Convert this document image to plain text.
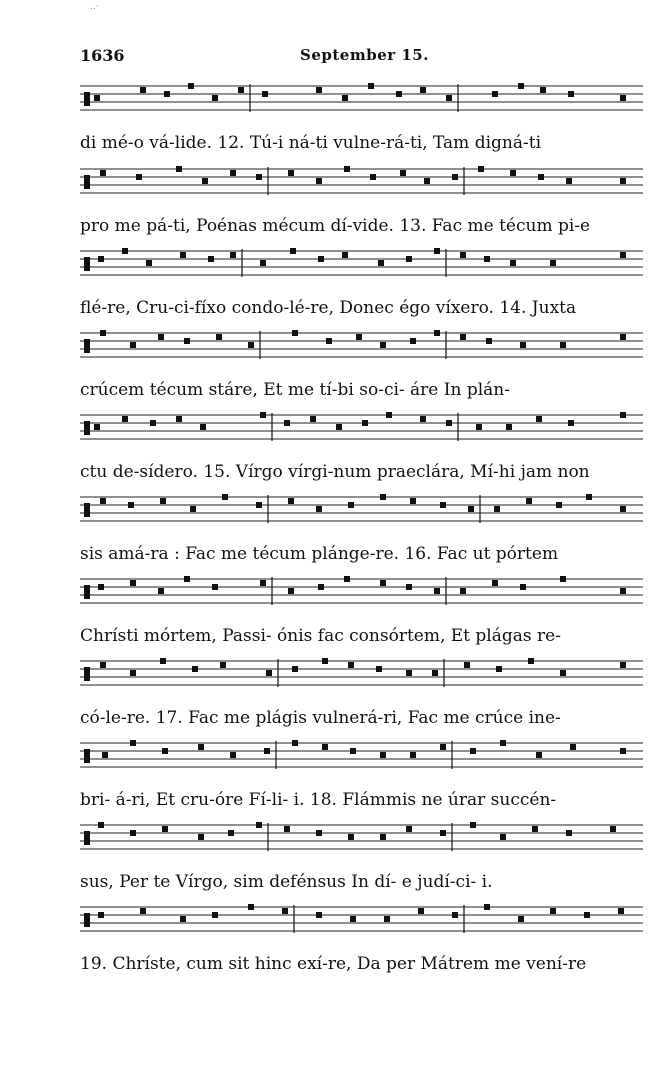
..·
1636	September 15.
di mé-o vá-lide. 12. Tú-i ná-ti vulne-rá-ti, Tam digná-ti
pro me pá-ti, Poénas mécum dí-vide. 13. Fac me técum pi-e
flé-re, Cru-ci-fíxo condo-lé-re, Donec égo víxero. 14. Juxta
crúcem técum stáre, Et me tí-bi so-ci- áre In plán-
ctu de-sídero. 15. Vírgo vírgi-num praeclára, Mí-hi jam non
sis amá-ra : Fac me técum plánge-re. 16. Fac ut pórtem
Chrísti mórtem, Passi- ónis fac consórtem, Et plágas re-
có-le-re. 17. Fac me plágis vulnerá-ri, Fac me crúce ine-
bri- á-ri, Et cru-óre Fí-li- i. 18. Flámmis ne úrar succén-
sus, Per te Vírgo, sim defénsus In dí- e judí-ci- i.
19. Chríste, cum sit hinc exí-re, Da per Mátrem me vení-re
